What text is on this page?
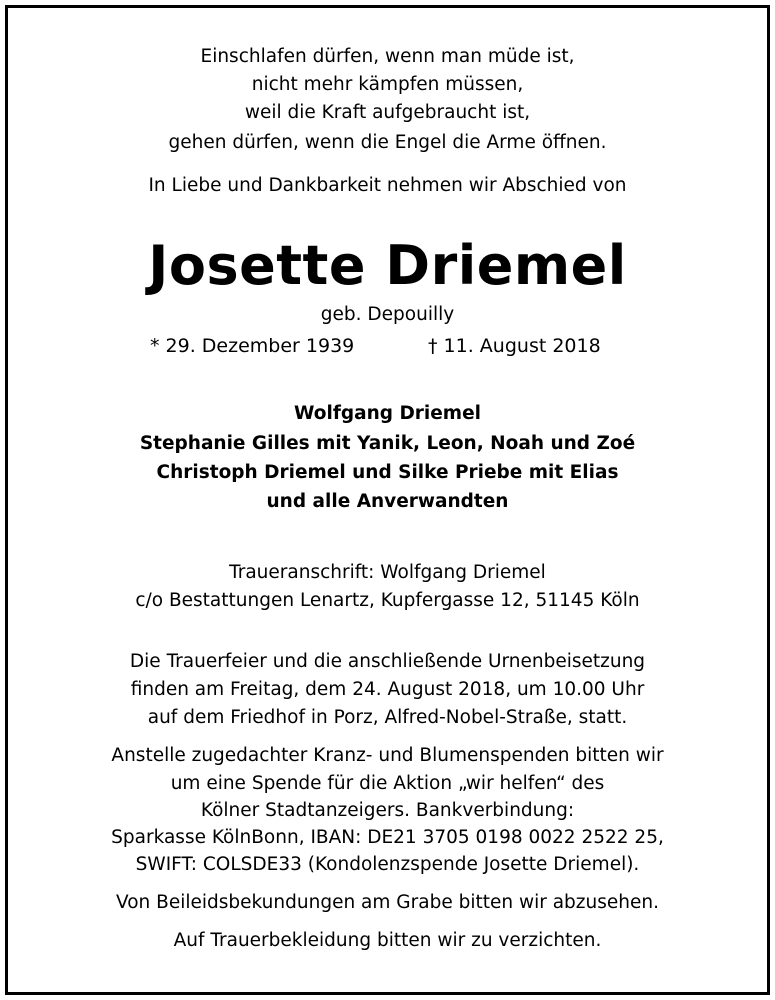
Einschlafen dürfen, wenn man müde ist,
nicht mehr kämpfen müssen,
weil die Kraft aufgebraucht ist,
gehen dürfen, wenn die Engel die Arme öffnen.
In Liebe und Dankbarkeit nehmen wir Abschied von
Josette Driemel
geb. Depouilly
* 29. Dezember 1939	† 11. August 2018
Wolfgang Driemel
Stephanie Gilles mit Yanik, Leon, Noah und Zoé
Christoph Driemel und Silke Priebe mit Elias
und alle Anverwandten
Traueranschrift: Wolfgang Driemel
c/o Bestattungen Lenartz, Kupfergasse 12, 51145 Köln
Die Trauerfeier und die anschließende Urnenbeisetzung
finden am Freitag, dem 24. August 2018, um 10.00 Uhr
auf dem Friedhof in Porz, Alfred-Nobel-Straße, statt.
Anstelle zugedachter Kranz- und Blumenspenden bitten wir
um eine Spende für die Aktion „wir helfen“ des
Kölner Stadtanzeigers. Bankverbindung:
Sparkasse KölnBonn, IBAN: DE21 3705 0198 0022 2522 25,
SWIFT: COLSDE33 (Kondolenzspende Josette Driemel).
Von Beileidsbekundungen am Grabe bitten wir abzusehen.
Auf Trauerbekleidung bitten wir zu verzichten.
